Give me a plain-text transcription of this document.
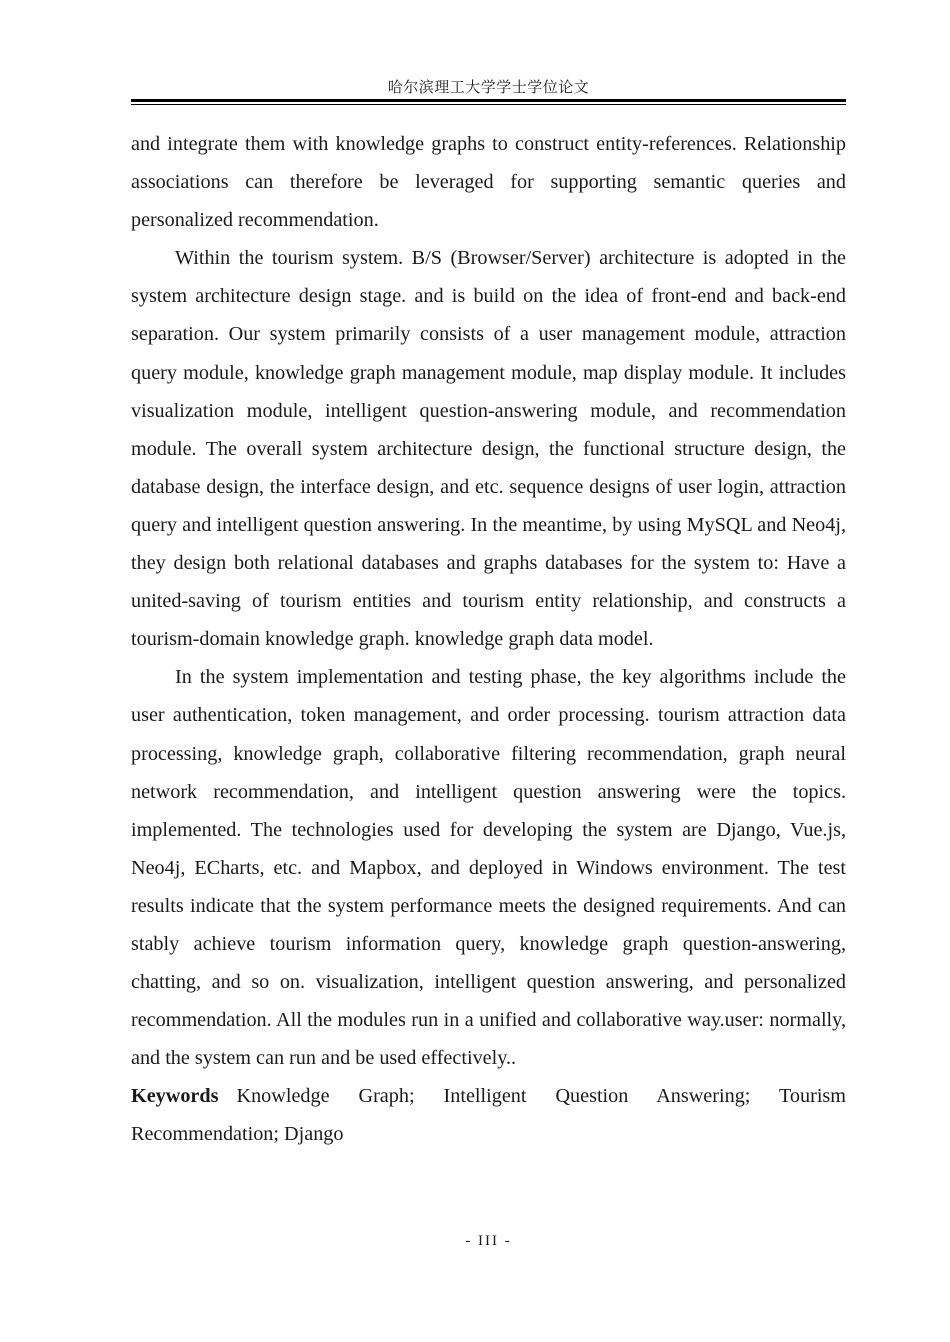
哈尔滨理工大学学士学位论文

and integrate them with knowledge graphs to construct entity-references. Relationship associations can therefore be leveraged for supporting semantic queries and personalized recommendation.

Within the tourism system. B/S (Browser/Server) architecture is adopted in the system architecture design stage. and is build on the idea of front-end and back-end separation. Our system primarily consists of a user management module, attraction query module, knowledge graph management module, map display module. It includes visualization module, intelligent question-answering module, and recommendation module. The overall system architecture design, the functional structure design, the database design, the interface design, and etc. sequence designs of user login, attraction query and intelligent question answering. In the meantime, by using MySQL and Neo4j, they design both relational databases and graphs databases for the system to: Have a united-saving of tourism entities and tourism entity relationship, and constructs a tourism-domain knowledge graph. knowledge graph data model.

In the system implementation and testing phase, the key algorithms include the user authentication, token management, and order processing. tourism attraction data processing, knowledge graph, collaborative filtering recommendation, graph neural network recommendation, and intelligent question answering were the topics. implemented. The technologies used for developing the system are Django, Vue.js, Neo4j, ECharts, etc. and Mapbox, and deployed in Windows environment. The test results indicate that the system performance meets the designed requirements. And can stably achieve tourism information query, knowledge graph question-answering, chatting, and so on. visualization, intelligent question answering, and personalized recommendation. All the modules run in a unified and collaborative way.user: normally, and the system can run and be used effectively..

Keywords Knowledge Graph; Intelligent Question Answering; Tourism Recommendation; Django

- III -
